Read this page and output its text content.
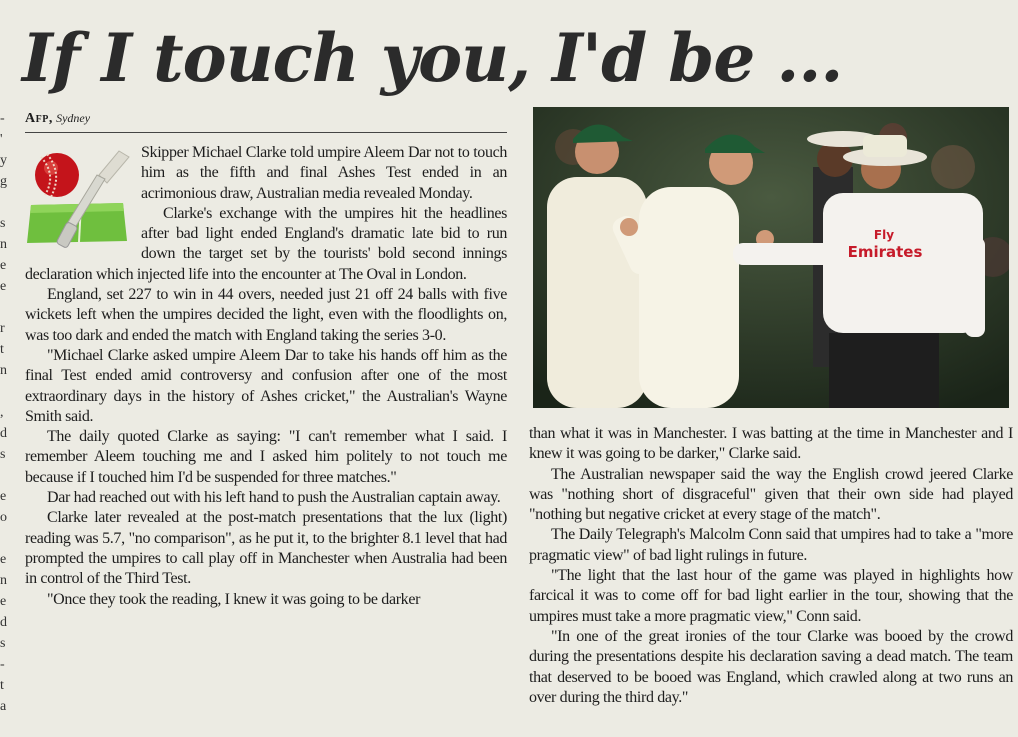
If I touch you, I'd be ...
-
'
y
g
s
n
e
e
r
t
n
,
d
s
e
o
e
n
e
d
s
-
t
a
Afp, Sydney

Skipper Michael Clarke told umpire Aleem Dar not to touch him as the fifth and final Ashes Test ended in an acrimonious draw, Australian media revealed Monday.

Clarke's exchange with the umpires hit the headlines after bad light ended England's dramatic late bid to run down the target set by the tourists' bold second innings declaration which injected life into the encounter at The Oval in London.

England, set 227 to win in 44 overs, needed just 21 off 24 balls with five wickets left when the umpires decided the light, even with the floodlights on, was too dark and ended the match with England taking the series 3-0.

"Michael Clarke asked umpire Aleem Dar to take his hands off him as the final Test ended amid controversy and confusion after one of the most extraordinary days in the history of Ashes cricket," the Australian's Wayne Smith said.

The daily quoted Clarke as saying: "I can't remember what I said. I remember Aleem touching me and I asked him politely to not touch me because if I touched him I'd be suspended for three matches."

Dar had reached out with his left hand to push the Australian captain away.

Clarke later revealed at the post-match presentations that the lux (light) reading was 5.7, "no comparison", as he put it, to the brighter 8.1 level that had prompted the umpires to call play off in Manchester when Australia had been in control of the Third Test.

"Once they took the reading, I knew it was going to be darker

Fly
Emirates

than what it was in Manchester. I was batting at the time in Manchester and I knew it was going to be darker," Clarke said.

The Australian newspaper said the way the English crowd jeered Clarke was "nothing short of disgraceful" given that their own side had played "nothing but negative cricket at every stage of the match".

The Daily Telegraph's Malcolm Conn said that umpires had to take a "more pragmatic view" of bad light rulings in future.

"The light that the last hour of the game was played in highlights how farcical it was to come off for bad light earlier in the tour, showing that the umpires must take a more pragmatic view," Conn said.

"In one of the great ironies of the tour Clarke was booed by the crowd during the presentations despite his declaration saving a dead match. The team that deserved to be booed was England, which crawled along at two runs an over during the third day."
